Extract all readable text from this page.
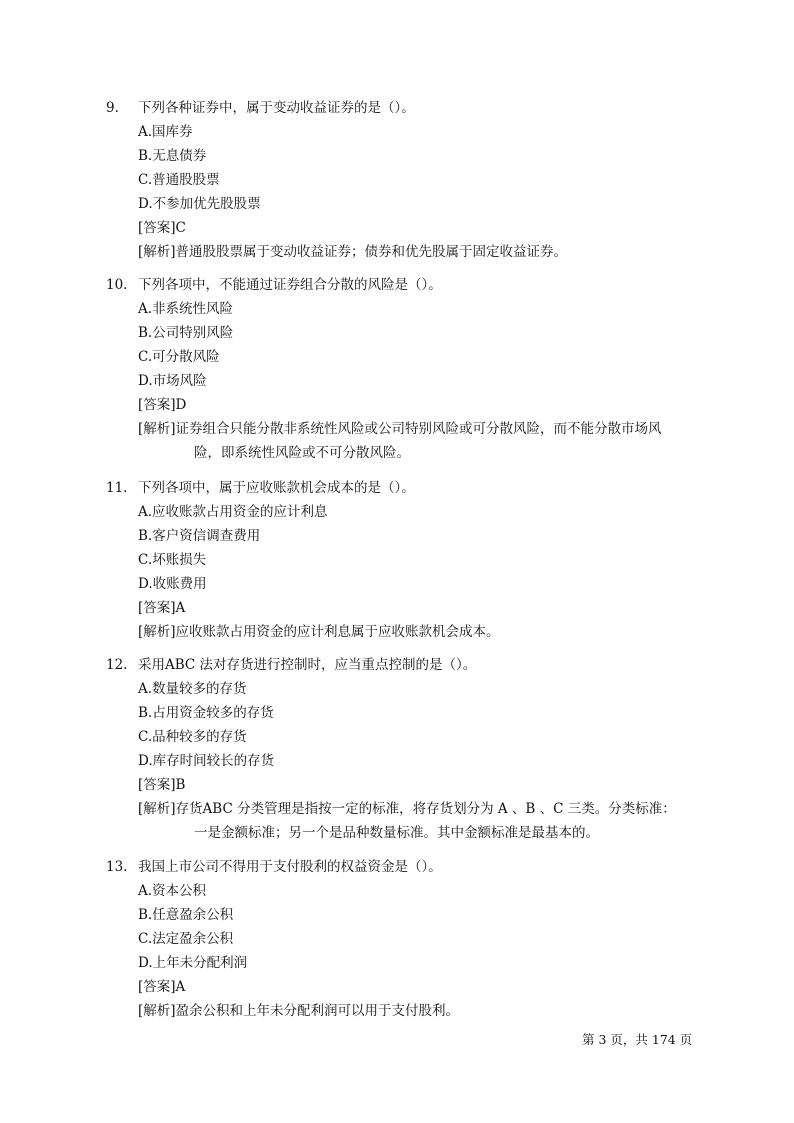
9. 下列各种证券中，属于变动收益证券的是（）。
A.国库券
B.无息债券
C.普通股股票
D.不参加优先股股票
[答案]C
[解析]普通股股票属于变动收益证券；债券和优先股属于固定收益证券。
10. 下列各项中，不能通过证券组合分散的风险是（）。
A.非系统性风险
B.公司特别风险
C.可分散风险
D.市场风险
[答案]D
[解析]证券组合只能分散非系统性风险或公司特别风险或可分散风险，而不能分散市场风
险，即系统性风险或不可分散风险。
11. 下列各项中，属于应收账款机会成本的是（）。
A.应收账款占用资金的应计利息
B.客户资信调查费用
C.坏账损失
D.收账费用
[答案]A
[解析]应收账款占用资金的应计利息属于应收账款机会成本。
12. 采用ABC 法对存货进行控制时，应当重点控制的是（）。
A.数量较多的存货
B.占用资金较多的存货
C.品种较多的存货
D.库存时间较长的存货
[答案]B
[解析]存货ABC 分类管理是指按一定的标准，将存货划分为 A 、B 、C 三类。分类标准：
一是金额标准；另一个是品种数量标准。其中金额标准是最基本的。
13. 我国上市公司不得用于支付股利的权益资金是（）。
A.资本公积
B.任意盈余公积
C.法定盈余公积
D.上年未分配利润
[答案]A
[解析]盈余公积和上年未分配利润可以用于支付股利。
第 3 页，共 174 页
